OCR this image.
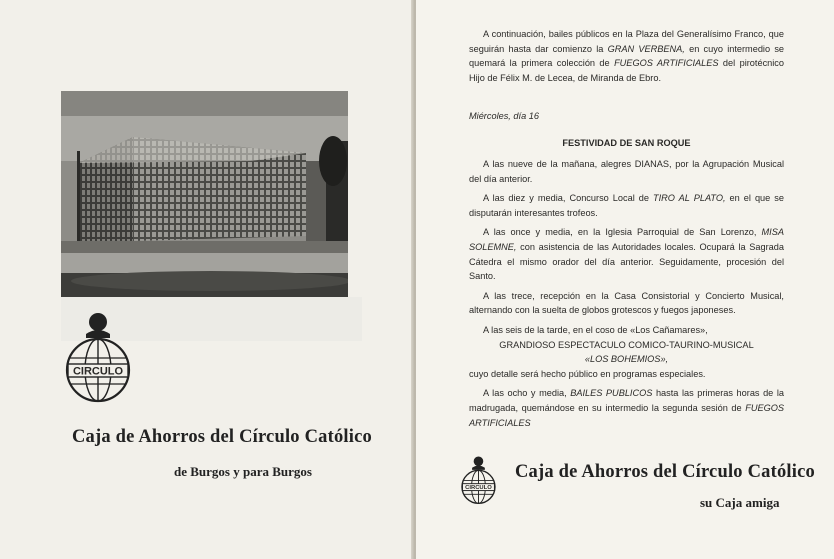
CIRCULO
Caja de Ahorros del Círculo Católico
de Burgos y para Burgos

A continuación, bailes públicos en la Plaza del Generalísimo Franco, que seguirán hasta dar comienzo la GRAN VERBENA, en cuyo intermedio se quemará la primera colección de FUEGOS ARTIFICIALES del pirotécnico Hijo de Félix M. de Lecea, de Miranda de Ebro.

Miércoles, día 16

FESTIVIDAD DE SAN ROQUE

A las nueve de la mañana, alegres DIANAS, por la Agrupación Musical del día anterior.

A las diez y media, Concurso Local de TIRO AL PLATO, en el que se disputarán interesantes trofeos.

A las once y media, en la Iglesia Parroquial de San Lorenzo, MISA SOLEMNE, con asistencia de las Autoridades locales. Ocupará la Sagrada Cátedra el mismo orador del día anterior. Seguidamente, procesión del Santo.

A las trece, recepción en la Casa Consistorial y Concierto Musical, alternando con la suelta de globos grotescos y fuegos japoneses.

A las seis de la tarde, en el coso de «Los Cañamares»,

GRANDIOSO ESPECTACULO COMICO-TAURINO-MUSICAL

«LOS BOHEMIOS»,

cuyo detalle será hecho público en programas especiales.

A las ocho y media, BAILES PUBLICOS hasta las primeras horas de la madrugada, quemándose en su intermedio la segunda sesión de FUEGOS ARTIFICIALES

CIRCULO
Caja de Ahorros del Círculo Católico
su Caja amiga
